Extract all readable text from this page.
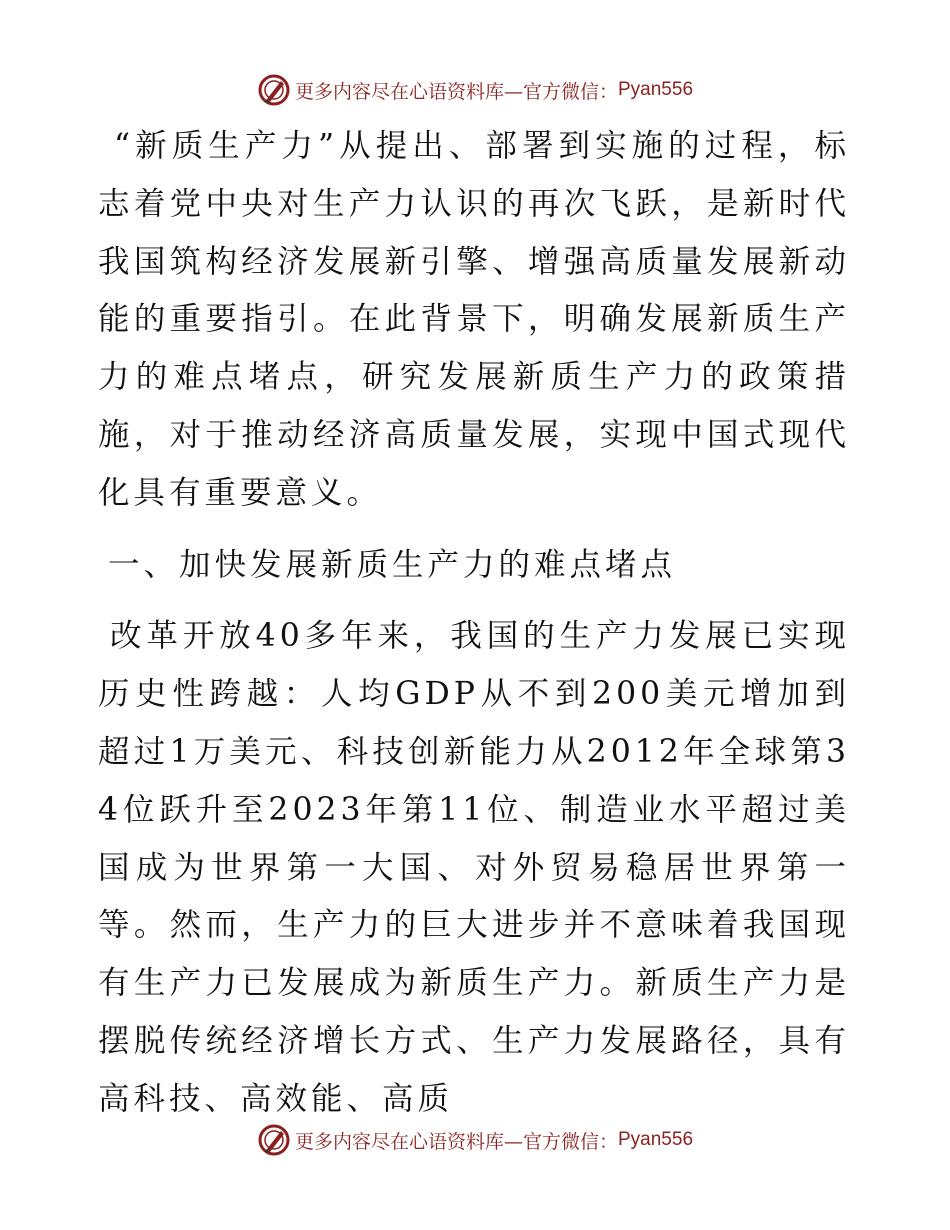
更多内容尽在心语资料库—官方微信： Pyan556

“新质生产力”从提出、部署到实施的过程，标志着党中央对生产力认识的再次飞跃，是新时代我国筑构经济发展新引擎、增强高质量发展新动能的重要指引。在此背景下，明确发展新质生产力的难点堵点，研究发展新质生产力的政策措施，对于推动经济高质量发展，实现中国式现代化具有重要意义。

一、加快发展新质生产力的难点堵点

改革开放40多年来，我国的生产力发展已实现历史性跨越：人均GDP从不到200美元增加到超过1万美元、科技创新能力从2012年全球第34位跃升至2023年第11位、制造业水平超过美国成为世界第一大国、对外贸易稳居世界第一等。然而，生产力的巨大进步并不意味着我国现有生产力已发展成为新质生产力。新质生产力是摆脱传统经济增长方式、生产力发展路径，具有高科技、高效能、高质

更多内容尽在心语资料库—官方微信： Pyan556
